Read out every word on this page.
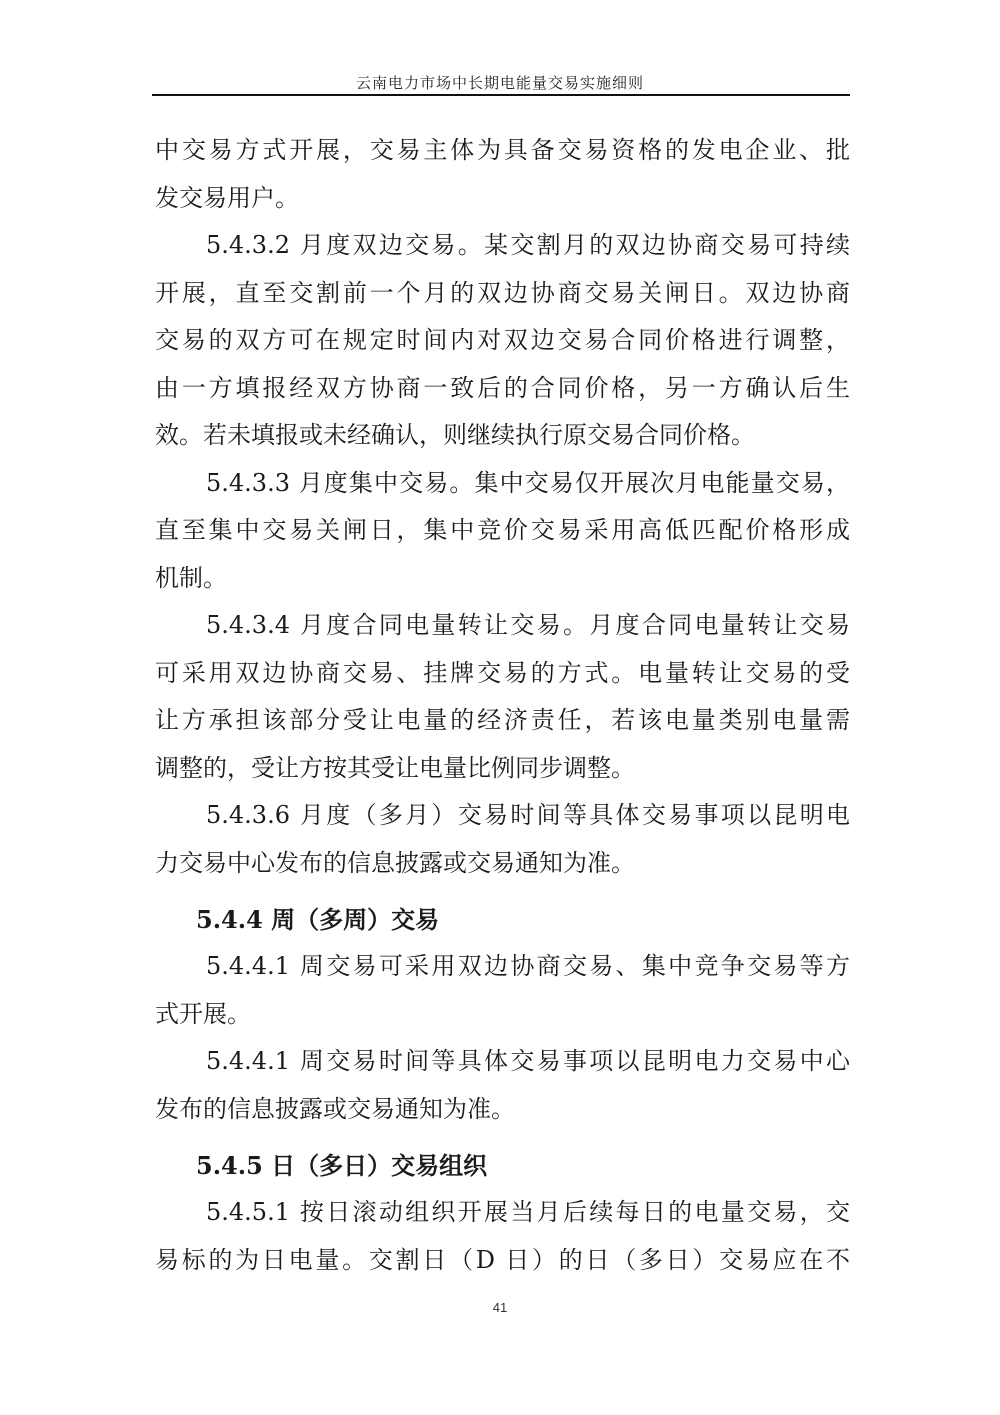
云南电力市场中长期电能量交易实施细则
中交易方式开展，交易主体为具备交易资格的发电企业、批
发交易用户。
5.4.3.2 月度双边交易。某交割月的双边协商交易可持续
开展，直至交割前一个月的双边协商交易关闸日。双边协商
交易的双方可在规定时间内对双边交易合同价格进行调整，
由一方填报经双方协商一致后的合同价格，另一方确认后生
效。若未填报或未经确认，则继续执行原交易合同价格。
5.4.3.3 月度集中交易。集中交易仅开展次月电能量交易，
直至集中交易关闸日，集中竞价交易采用高低匹配价格形成
机制。
5.4.3.4 月度合同电量转让交易。月度合同电量转让交易
可采用双边协商交易、挂牌交易的方式。电量转让交易的受
让方承担该部分受让电量的经济责任，若该电量类别电量需
调整的，受让方按其受让电量比例同步调整。
5.4.3.6 月度（多月）交易时间等具体交易事项以昆明电
力交易中心发布的信息披露或交易通知为准。
5.4.4 周（多周）交易
5.4.4.1 周交易可采用双边协商交易、集中竞争交易等方
式开展。
5.4.4.1 周交易时间等具体交易事项以昆明电力交易中心
发布的信息披露或交易通知为准。
5.4.5 日（多日）交易组织
5.4.5.1 按日滚动组织开展当月后续每日的电量交易，交
易标的为日电量。交割日（D 日）的日（多日）交易应在不
41
